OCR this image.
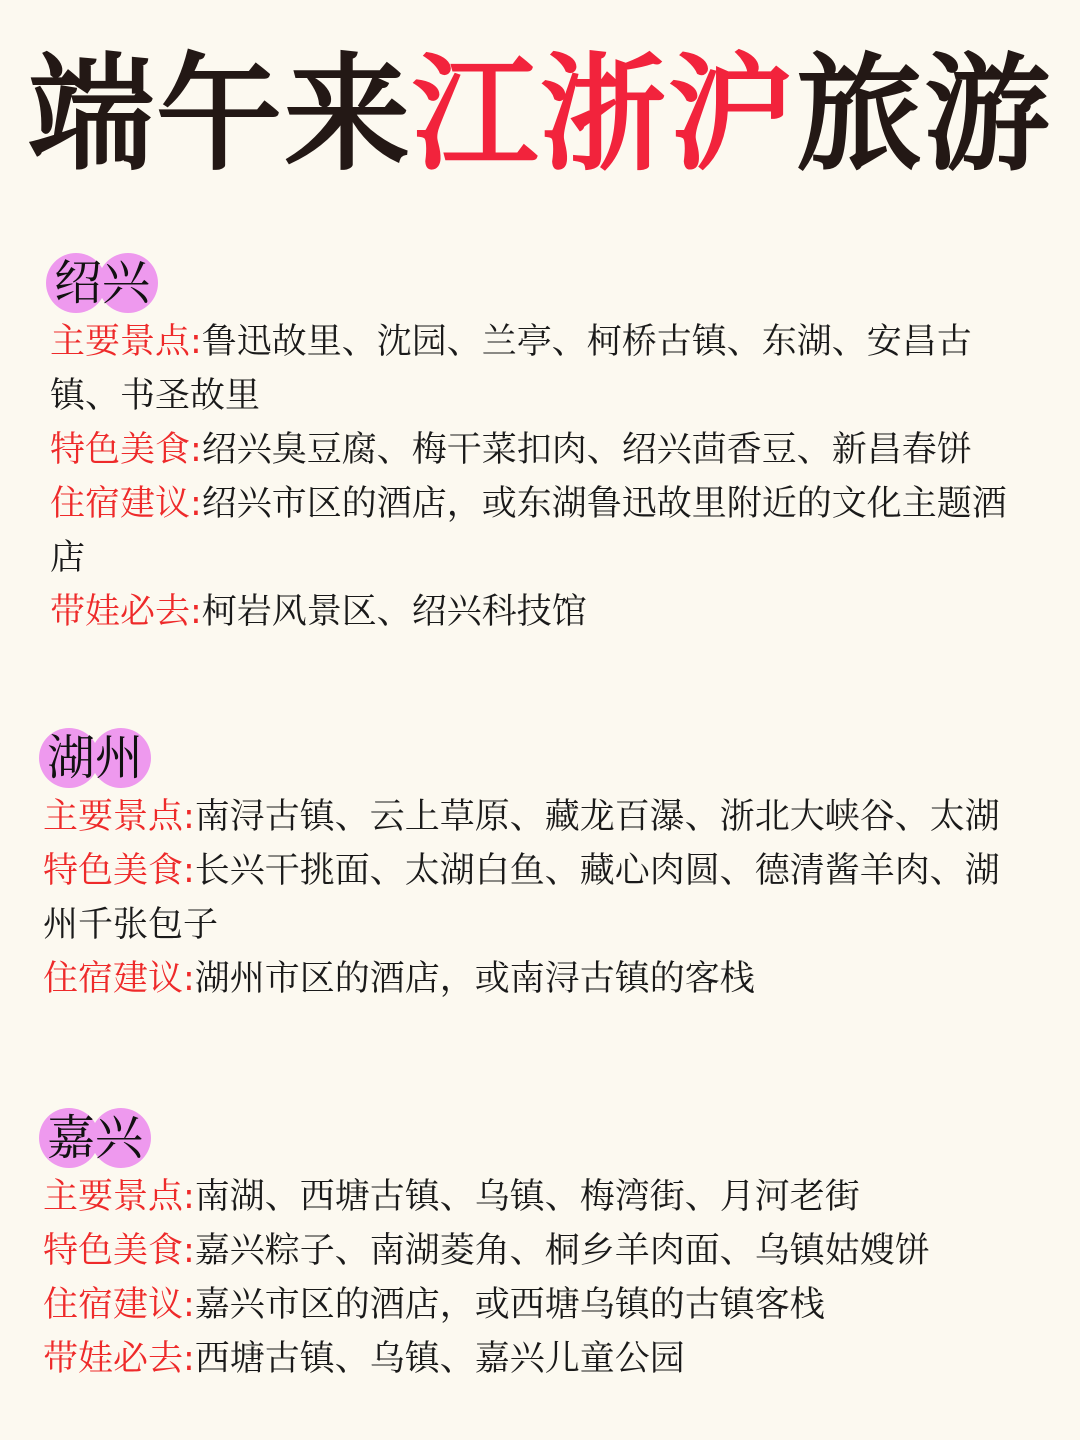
端午来江浙沪旅游
绍兴

主要景点:鲁迅故里、沈园、兰亭、柯桥古镇、东湖、安昌古镇、书圣故里

特色美食:绍兴臭豆腐、梅干菜扣肉、绍兴茴香豆、新昌春饼

住宿建议:绍兴市区的酒店，或东湖鲁迅故里附近的文化主题酒店

带娃必去:柯岩风景区、绍兴科技馆

湖州

主要景点:南浔古镇、云上草原、藏龙百瀑、浙北大峡谷、太湖

特色美食:长兴干挑面、太湖白鱼、藏心肉圆、德清酱羊肉、湖州千张包子

住宿建议:湖州市区的酒店，或南浔古镇的客栈

嘉兴

主要景点:南湖、西塘古镇、乌镇、梅湾街、月河老街

特色美食:嘉兴粽子、南湖菱角、桐乡羊肉面、乌镇姑嫂饼

住宿建议:嘉兴市区的酒店，或西塘乌镇的古镇客栈

带娃必去:西塘古镇、乌镇、嘉兴儿童公园
